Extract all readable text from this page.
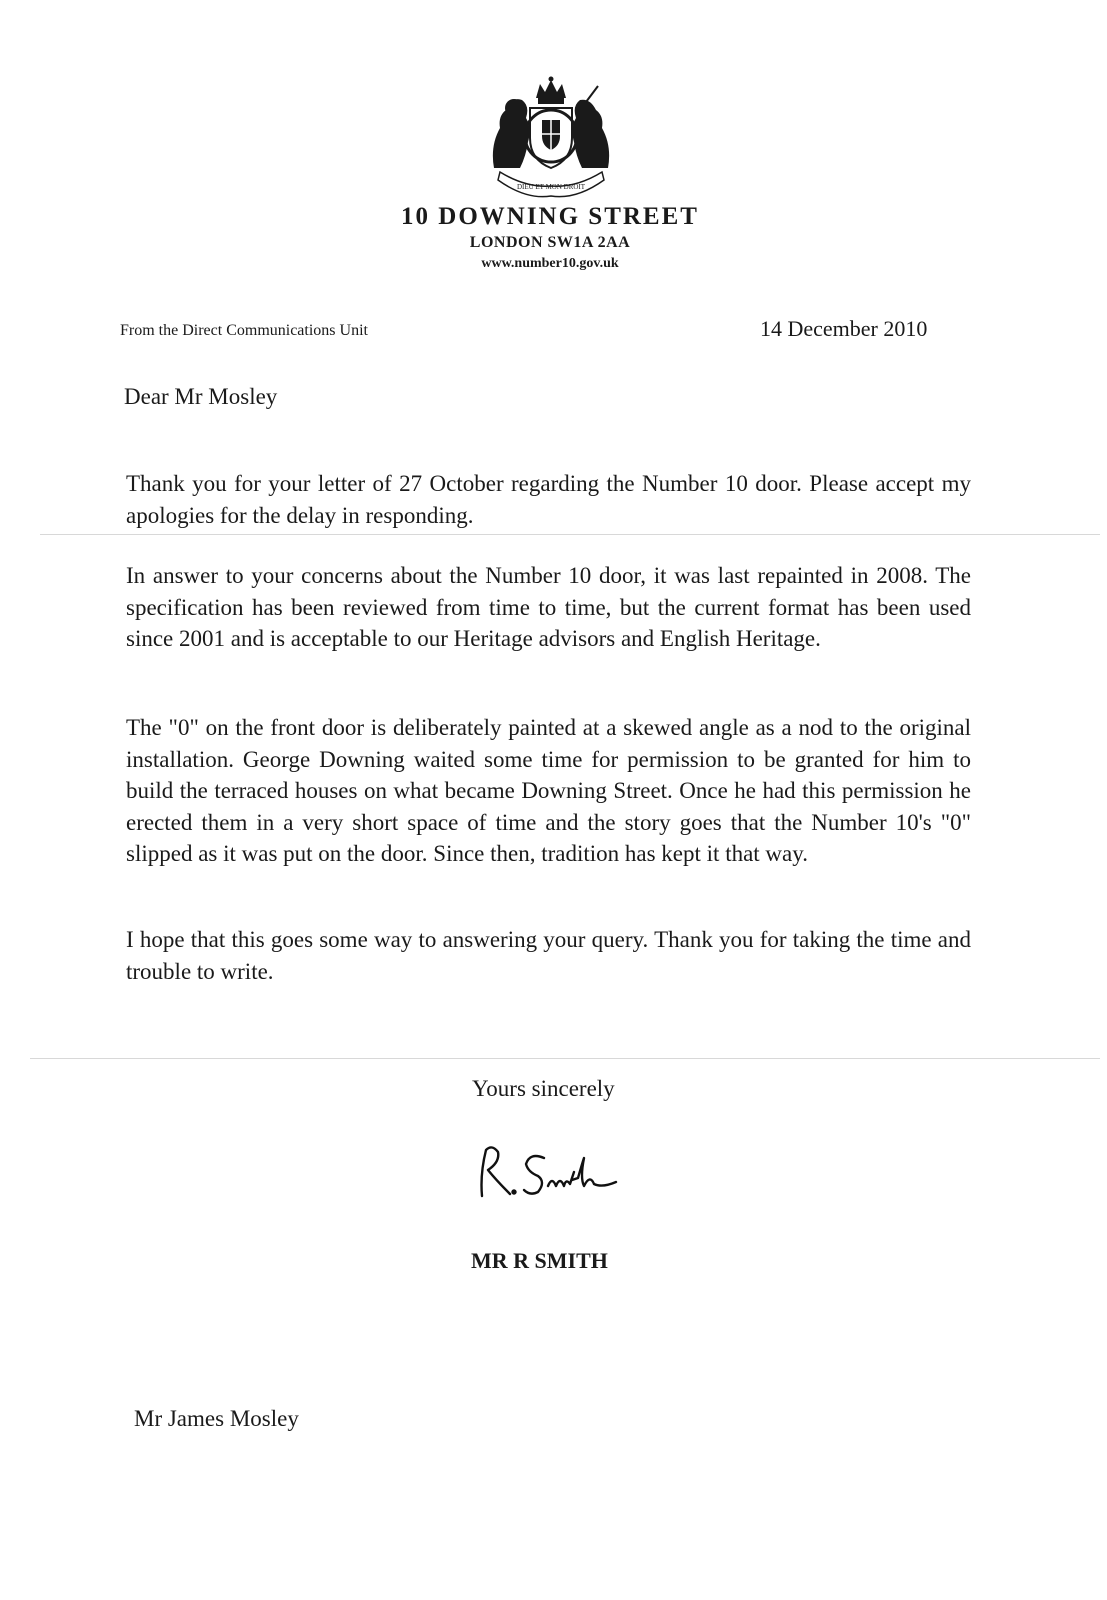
DIEU ET MON DROIT
10 DOWNING STREET
LONDON SW1A 2AA
www.number10.gov.uk
From the Direct Communications Unit	14 December 2010
Dear Mr Mosley
Thank you for your letter of 27 October regarding the Number 10 door. Please accept my apologies for the delay in responding.
In answer to your concerns about the Number 10 door, it was last repainted in 2008. The specification has been reviewed from time to time, but the current format has been used since 2001 and is acceptable to our Heritage advisors and English Heritage.
The "0" on the front door is deliberately painted at a skewed angle as a nod to the original installation. George Downing waited some time for permission to be granted for him to build the terraced houses on what became Downing Street. Once he had this permission he erected them in a very short space of time and the story goes that the Number 10's "0" slipped as it was put on the door. Since then, tradition has kept it that way.
I hope that this goes some way to answering your query. Thank you for taking the time and trouble to write.
Yours sincerely
MR R SMITH
Mr James Mosley
